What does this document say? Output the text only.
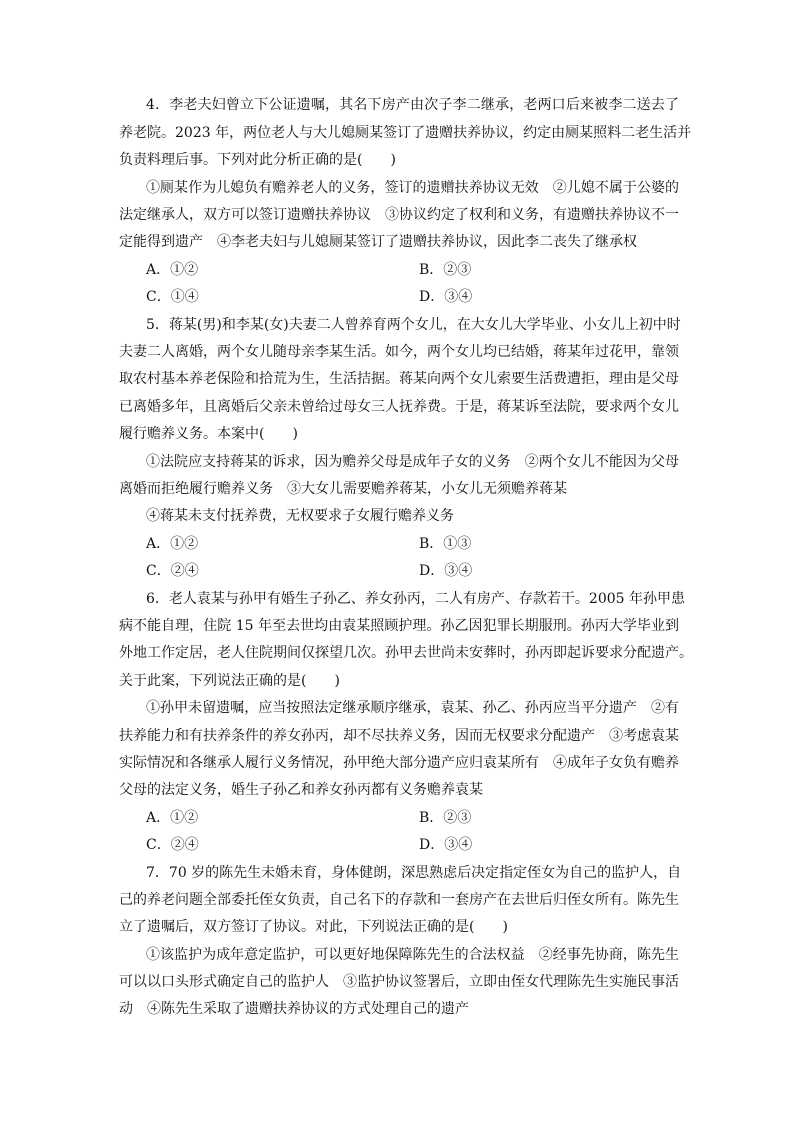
4．李老夫妇曾立下公证遗嘱，其名下房产由次子李二继承，老两口后来被李二送去了
养老院。2023 年，两位老人与大儿媳厕某签订了遗赠扶养协议，约定由厕某照料二老生活并
负责料理后事。下列对此分析正确的是(　　)
①厕某作为儿媳负有赡养老人的义务，签订的遗赠扶养协议无效　②儿媳不属于公婆的
法定继承人，双方可以签订遗赠扶养协议　③协议约定了权利和义务，有遗赠扶养协议不一
定能得到遗产　④李老夫妇与儿媳厕某签订了遗赠扶养协议，因此李二丧失了继承权
A．①②	B．②③
C．①④	D．③④
5．蒋某(男)和李某(女)夫妻二人曾养育两个女儿，在大女儿大学毕业、小女儿上初中时
夫妻二人离婚，两个女儿随母亲李某生活。如今，两个女儿均已结婚，蒋某年过花甲，靠领
取农村基本养老保险和拾荒为生，生活拮据。蒋某向两个女儿索要生活费遭拒，理由是父母
已离婚多年，且离婚后父亲未曾给过母女三人抚养费。于是，蒋某诉至法院，要求两个女儿
履行赡养义务。本案中(　　)
①法院应支持蒋某的诉求，因为赡养父母是成年子女的义务　②两个女儿不能因为父母
离婚而拒绝履行赡养义务　③大女儿需要赡养蒋某，小女儿无须赡养蒋某
④蒋某未支付抚养费，无权要求子女履行赡养义务
A．①②	B．①③
C．②④	D．③④
6．老人袁某与孙甲有婚生子孙乙、养女孙丙，二人有房产、存款若干。2005 年孙甲患
病不能自理，住院 15 年至去世均由袁某照顾护理。孙乙因犯罪长期服刑。孙丙大学毕业到
外地工作定居，老人住院期间仅探望几次。孙甲去世尚未安葬时，孙丙即起诉要求分配遗产。
关于此案，下列说法正确的是(　　)
①孙甲未留遗嘱，应当按照法定继承顺序继承，袁某、孙乙、孙丙应当平分遗产　②有
扶养能力和有扶养条件的养女孙丙，却不尽扶养义务，因而无权要求分配遗产　③考虑袁某
实际情况和各继承人履行义务情况，孙甲绝大部分遗产应归袁某所有　④成年子女负有赡养
父母的法定义务，婚生子孙乙和养女孙丙都有义务赡养袁某
A．①②	B．②③
C．②④	D．③④
7．70 岁的陈先生未婚未育，身体健朗，深思熟虑后决定指定侄女为自己的监护人，自
己的养老问题全部委托侄女负责，自己名下的存款和一套房产在去世后归侄女所有。陈先生
立了遗嘱后，双方签订了协议。对此，下列说法正确的是(　　)
①该监护为成年意定监护，可以更好地保障陈先生的合法权益　②经事先协商，陈先生
可以以口头形式确定自己的监护人　③监护协议签署后，立即由侄女代理陈先生实施民事活
动　④陈先生采取了遗赠扶养协议的方式处理自己的遗产
